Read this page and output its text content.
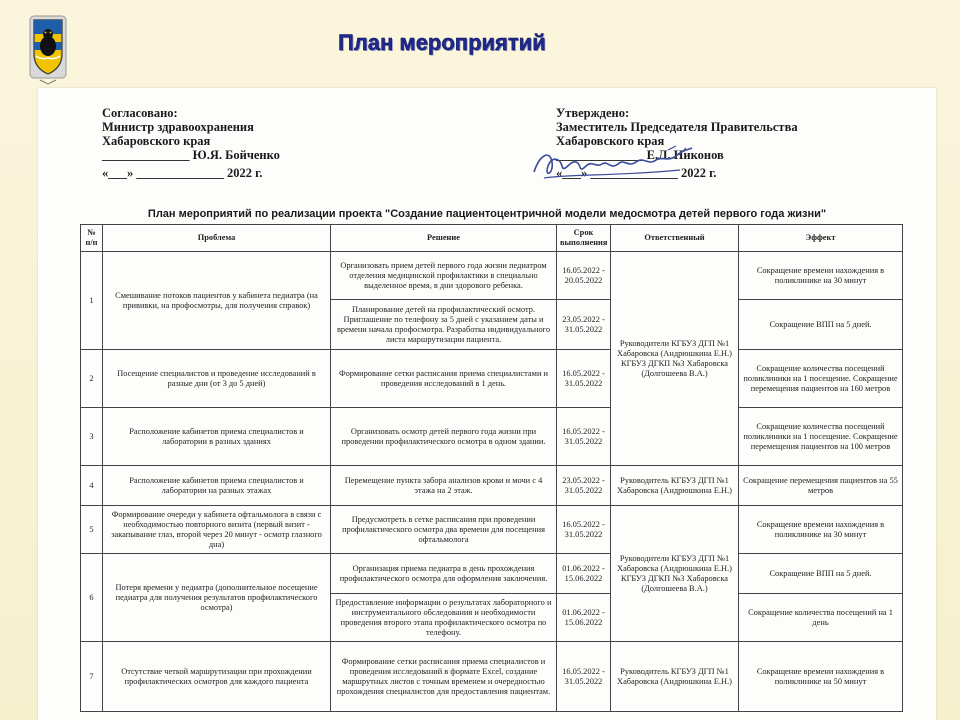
План мероприятий
Согласовано:
Министр здравоохранения
Хабаровского края
______________ Ю.Я. Бойченко
«___» ______________ 2022 г.
Утверждено:
Заместитель Председателя Правительства
Хабаровского края
______________ Е.Л. Никонов
«___» ______________ 2022 г.
План мероприятий по реализации проекта "Создание пациентоцентричной модели медосмотра детей первого года жизни"
№ п/п	Проблема	Решение	Срок выполнения	Ответственный	Эффект
1	Смешивание потоков пациентов у кабинета педиатра (на прививки, на профосмотры, для получения справок)	Организовать прием детей первого года жизни педиатром отделения медицинской профилактики в специально выделенное время, в дни здорового ребенка.	16.05.2022 - 20.05.2022	Руководители КГБУЗ ДГП №1 Хабаровска (Андрюшкина Е.Н.) КГБУЗ ДГКП №3 Хабаровска (Долгошеева В.А.)	Сокращение времени нахождения в поликлинике на 30 минут
		Планирование детей на профилактический осмотр. Приглашение по телефону за 5 дней с указанием даты и времени начала профосмотра. Разработка индивидуального листа маршрутизации пациента.	23.05.2022 - 31.05.2022		Сокращение ВПП на 5 дней.
2	Посещение специалистов и проведение исследований в разные дни (от 3 до 5 дней)	Формирование сетки расписания приема специалистами и проведения исследований в 1 день.	16.05.2022 - 31.05.2022		Сокращение количества посещений поликлиники на 1 посещение. Сокращение перемещения пациентов на 160 метров
3	Расположение кабинетов приема специалистов и лаборатории в разных зданиях	Организовать осмотр детей первого года жизни при проведении профилактического осмотра в одном здании.	16.05.2022 - 31.05.2022		Сокращение количества посещений поликлиники на 1 посещение. Сокращение перемещения пациентов на 100 метров
4	Расположение кабинетов приема специалистов и лаборатории на разных этажах	Перемещение пункта забора анализов крови и мочи с 4 этажа на 2 этаж.	23.05.2022 - 31.05.2022	Руководитель КГБУЗ ДГП №1 Хабаровска (Андрюшкина Е.Н.)	Сокращение перемещения пациентов на 55 метров
5	Формирование очереди у кабинета офтальмолога в связи с необходимостью повторного визита (первый визит - закапывание глаз, второй через 20 минут - осмотр глазного дна)	Предусмотреть в сетке расписания при проведении профилактического осмотра два времени для посещения офтальмолога	16.05.2022 - 31.05.2022	Руководители КГБУЗ ДГП №1 Хабаровска (Андрюшкина Е.Н.) КГБУЗ ДГКП №3 Хабаровска (Долгошеева В.А.)	Сокращение времени нахождения в поликлинике на 30 минут
6	Потеря времени у педиатра (дополнительное посещение педиатра для получения результатов профилактического осмотра)	Организация приема педиатра в день прохождения профилактического осмотра для оформления заключения.	01.06.2022 - 15.06.2022		Сокращение ВПП на 5 дней.
		Предоставление информации о результатах лабораторного и инструментального обследования и необходимости проведения второго этапа профилактического осмотра по телефону.	01.06.2022 - 15.06.2022		Сокращение количества посещений на 1 день
7	Отсутствие четкой маршрутизации при прохождении профилактических осмотров для каждого пациента	Формирование сетки расписания приема специалистов и проведения исследований в формате Excel, создание маршрутных листов с точным временем и очередностью прохождения специалистов для предоставления пациентам.	16.05.2022 - 31.05.2022	Руководитель КГБУЗ ДГП №1 Хабаровска (Андрюшкина Е.Н.)	Сокращение времени нахождения в поликлинике на 50 минут
